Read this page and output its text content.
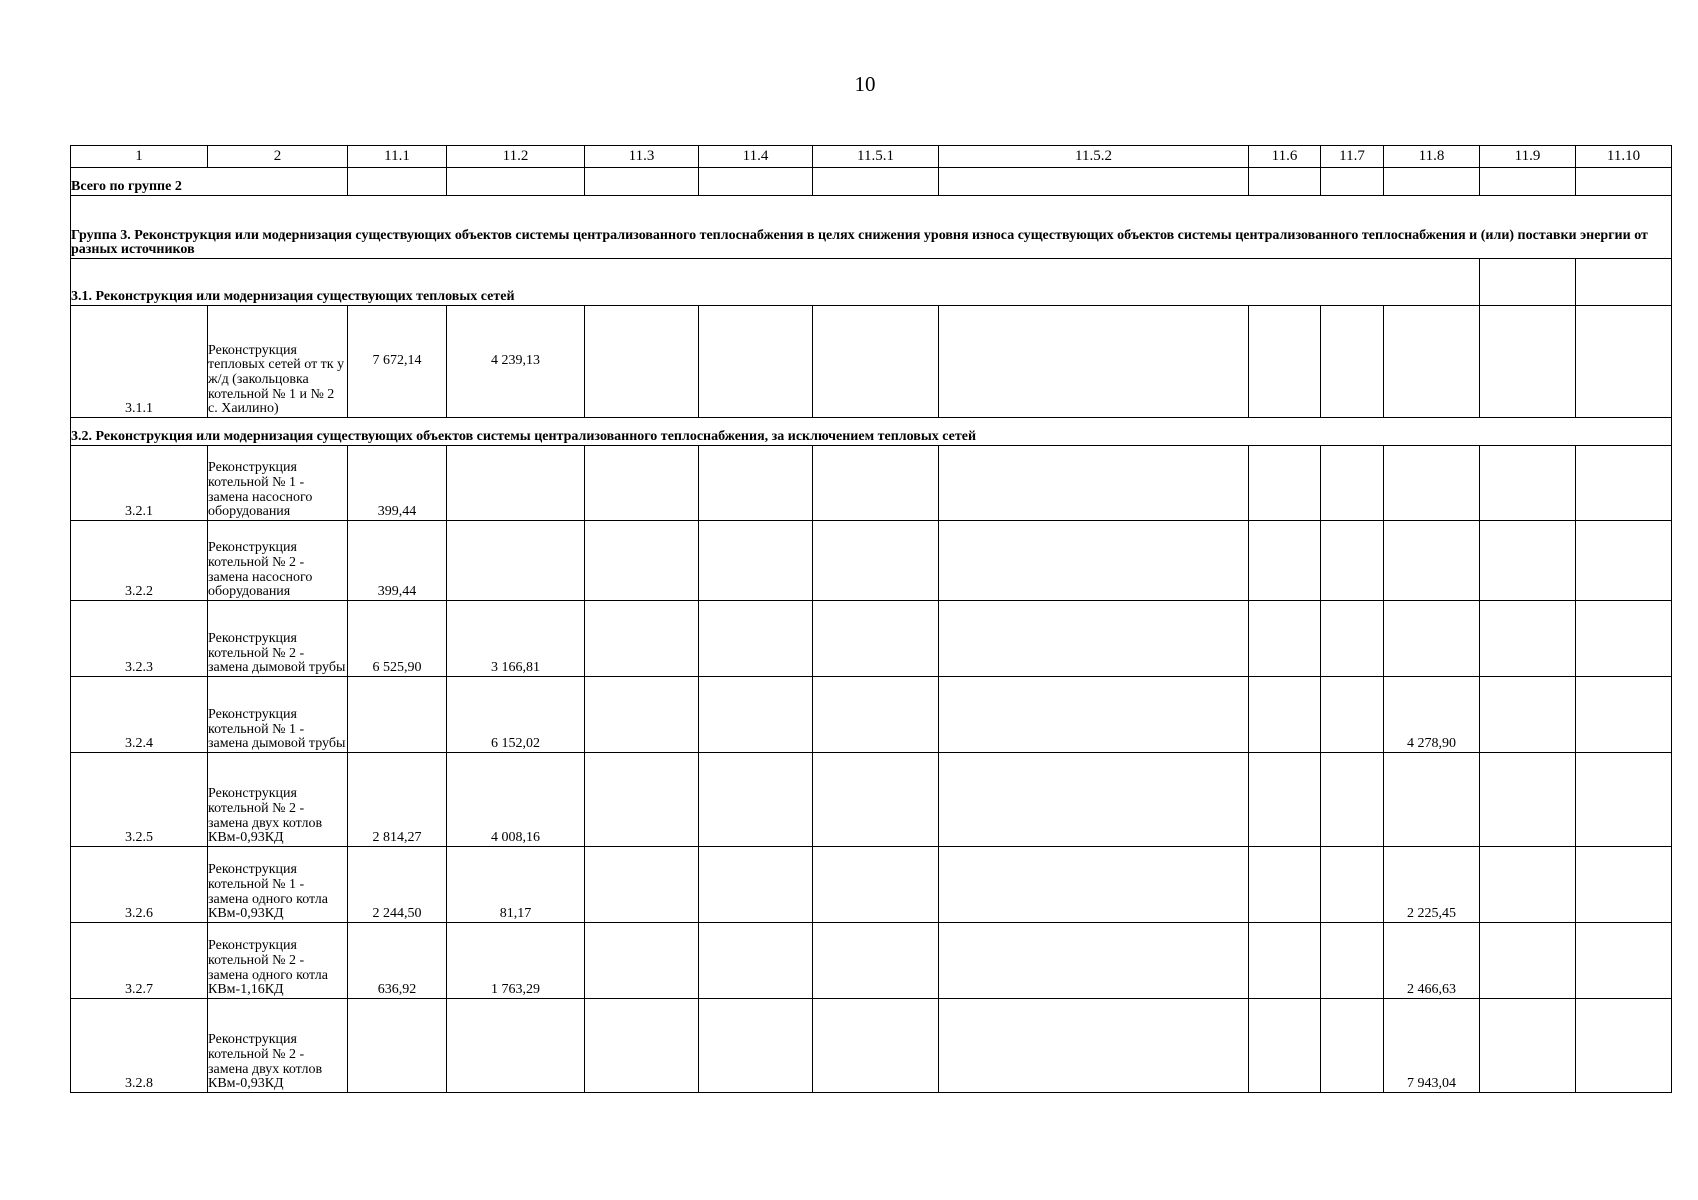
10
1	2	11.1	11.2	11.3	11.4	11.5.1	11.5.2	11.6	11.7	11.8	11.9	11.10
Всего по группе 2												
Группа 3. Реконструкция или модернизация существующих объектов системы централизованного теплоснабжения в целях снижения уровня износа существующих объектов системы централизованного теплоснабжения и (или) поставки энергии от разных источников												
3.1. Реконструкция или модернизация существующих тепловых сетей												
3.1.1	Реконструкция тепловых сетей от тк у ж/д (закольцовка котельной № 1 и № 2 с. Хаилино)	7 672,14	4 239,13									
3.2. Реконструкция или модернизация существующих объектов системы централизованного теплоснабжения, за исключением тепловых сетей												
3.2.1	Реконструкция котельной № 1 - замена насосного оборудования	399,44										
3.2.2	Реконструкция котельной № 2 - замена насосного оборудования	399,44										
3.2.3	Реконструкция котельной № 2 - замена дымовой трубы	6 525,90	3 166,81									
3.2.4	Реконструкция котельной № 1 - замена дымовой трубы		6 152,02							4 278,90		
3.2.5	Реконструкция котельной № 2 - замена двух котлов КВм-0,93КД	2 814,27	4 008,16									
3.2.6	Реконструкция котельной № 1 - замена одного котла КВм-0,93КД	2 244,50	81,17							2 225,45		
3.2.7	Реконструкция котельной № 2 - замена одного котла КВм-1,16КД	636,92	1 763,29							2 466,63		
3.2.8	Реконструкция котельной № 2 - замена двух котлов КВм-0,93КД									7 943,04		
